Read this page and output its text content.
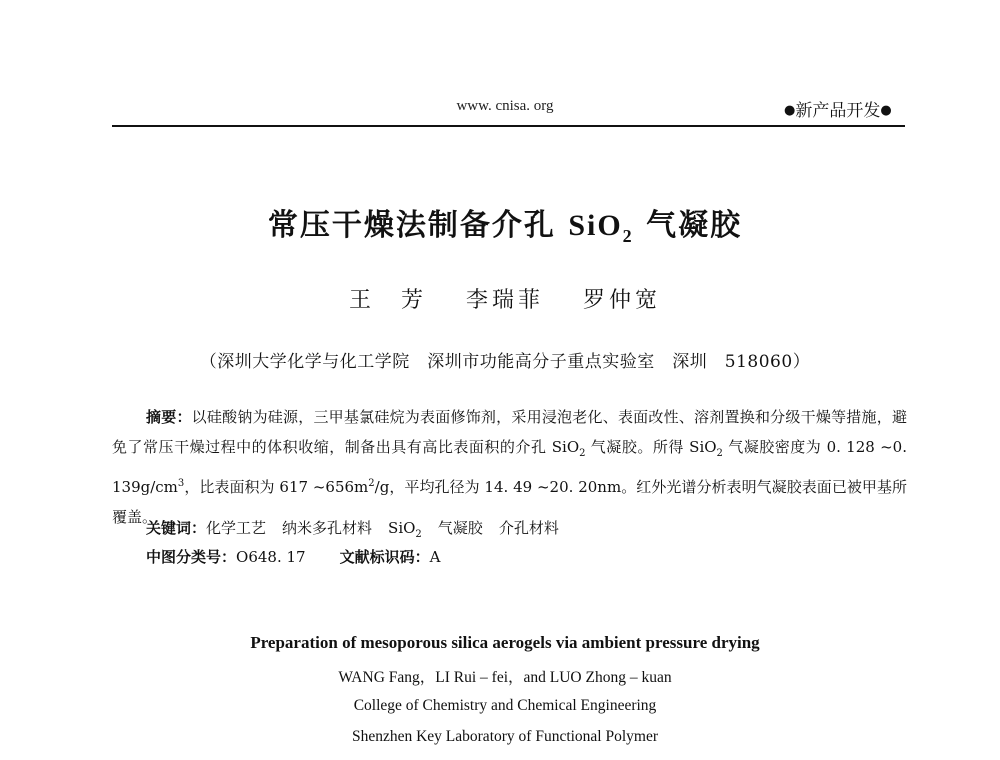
www. cnisa. org	●新产品开发●
常压干燥法制备介孔 SiO$_2$ 气凝胶
王　芳 李瑞菲 罗仲宽
（深圳大学化学与化工学院　深圳市功能高分子重点实验室　深圳　518060）

摘要：以硅酸钠为硅源，三甲基氯硅烷为表面修饰剂，采用浸泡老化、表面改性、溶剂置换和分级干燥等措施，避免了常压干燥过程中的体积收缩，制备出具有高比表面积的介孔 SiO$_2$ 气凝胶。所得 SiO$_2$ 气凝胶密度为 0. 128 ~0. $139g/cm^3$，比表面积为 617 $\sim 656m^2/g$，平均孔径为 14. 49 ~20. 20nm。红外光谱分析表明气凝胶表面已被甲基所覆盖。

关键词：化学工艺 纳米多孔材料 SiO$_2$ 气凝胶 介孔材料
中图分类号：O648. 17 文献标识码：A
Preparation of mesoporous silica aerogels via ambient pressure drying
WANG Fang，LI Rui – fei，and LUO Zhong – kuan
College of Chemistry and Chemical Engineering
Shenzhen Key Laboratory of Functional Polymer
